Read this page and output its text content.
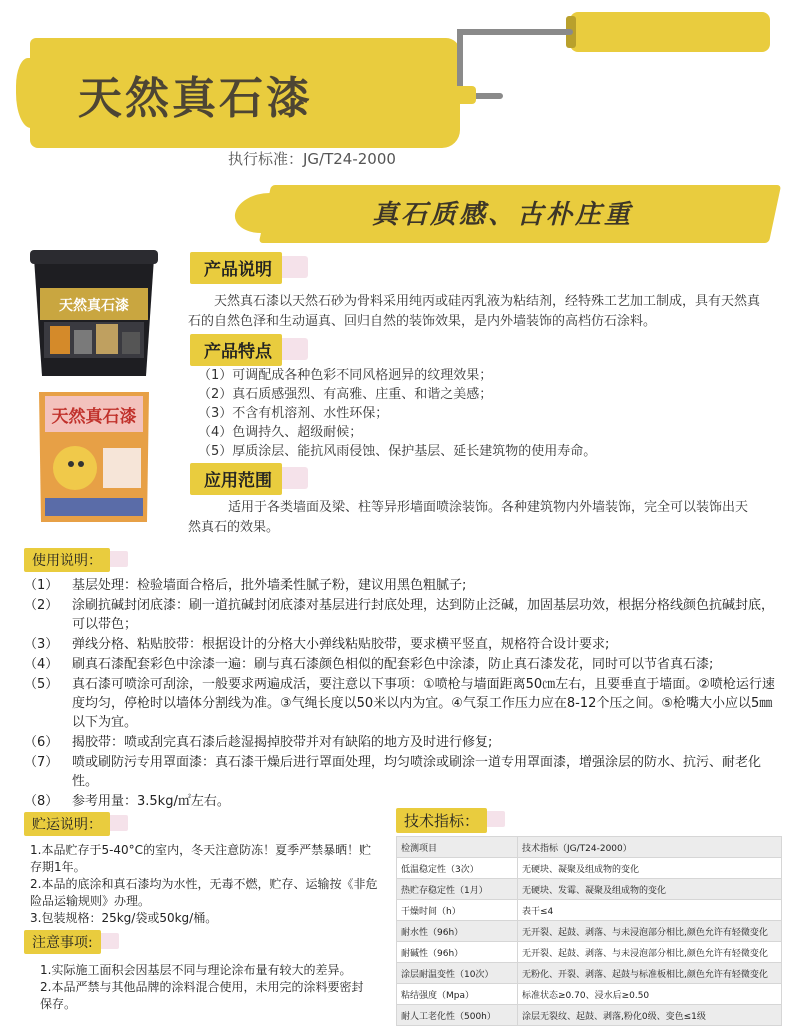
天然真石漆
执行标准：JG/T24-2000
真石质感、古朴庄重
天然真石漆
天然真石漆
产品说明
天然真石漆以天然石砂为骨料采用纯丙或硅丙乳液为粘结剂，经特殊工艺加工制成，具有天然真石的自然色泽和生动逼真、回归自然的装饰效果，是内外墙装饰的高档仿石涂料。
产品特点
（1）可调配成各种色彩不同风格迥异的纹理效果；
（2）真石质感强烈、有高雅、庄重、和谐之美感；
（3）不含有机溶剂、水性环保；
（4）色调持久、超级耐候；
（5）厚质涂层、能抗风雨侵蚀、保护基层、延长建筑物的使用寿命。
应用范围
适用于各类墙面及梁、柱等异形墙面喷涂装饰。各种建筑物内外墙装饰，完全可以装饰出天然真石的效果。
使用说明：
（1）	基层处理：检验墙面合格后，批外墙柔性腻子粉，建议用黑色粗腻子;
（2）	涂刷抗碱封闭底漆：刷一道抗碱封闭底漆对基层进行封底处理，达到防止泛碱，加固基层功效，根据分格线颜色抗碱封底，可以带色；
（3）	弹线分格、粘贴胶带：根据设计的分格大小弹线粘贴胶带，要求横平竖直，规格符合设计要求;
（4）	刷真石漆配套彩色中涂漆一遍：刷与真石漆颜色相似的配套彩色中涂漆，防止真石漆发花，同时可以节省真石漆;
（5）	真石漆可喷涂可刮涂，一般要求两遍成活，要注意以下事项：①喷枪与墙面距离50㎝左右，且要垂直于墙面。②喷枪运行速度均匀，停枪时以墙体分割线为准。③气绳长度以50米以内为宜。④气泵工作压力应在8-12个压之间。⑤枪嘴大小应以5㎜以下为宜。
（6）	揭胶带：喷或刮完真石漆后趁湿揭掉胶带并对有缺陷的地方及时进行修复;
（7）	喷或刷防污专用罩面漆：真石漆干燥后进行罩面处理，均匀喷涂或刷涂一道专用罩面漆，增强涂层的防水、抗污、耐老化性。
（8）	参考用量：3.5kg/㎡左右。
贮运说明：
1.本品贮存于5-40°C的室内，冬天注意防冻！夏季严禁暴晒！贮存期1年。
2.本品的底涂和真石漆均为水性，无毒不燃，贮存、运输按《非危险品运输规则》办理。
3.包装规格：25kg/袋或50kg/桶。
注意事项:
1.实际施工面积会因基层不同与理论涂布量有较大的差异。
2.本品严禁与其他品牌的涂料混合使用，未用完的涂料要密封保存。
技术指标：
检测项目	技术指标（JG/T24-2000）
低温稳定性（3次）	无硬块、凝聚及组成物的变化
热贮存稳定性（1月）	无硬块、发霉、凝聚及组成物的变化
干燥时间（h）	表干≤4
耐水性（96h）	无开裂、起鼓、剥落、与未浸泡部分相比,颜色允许有轻微变化
耐碱性（96h）	无开裂、起鼓、剥落、与未浸泡部分相比,颜色允许有轻微变化
涂层耐温变性（10次）	无粉化、开裂、剥落、起鼓与标准板相比,颜色允许有轻微变化
粘结强度（Mpa）	标准状态≥0.70、浸水后≥0.50
耐人工老化性（500h）	涂层无裂纹、起鼓、剥落,粉化0级、变色≤1级
